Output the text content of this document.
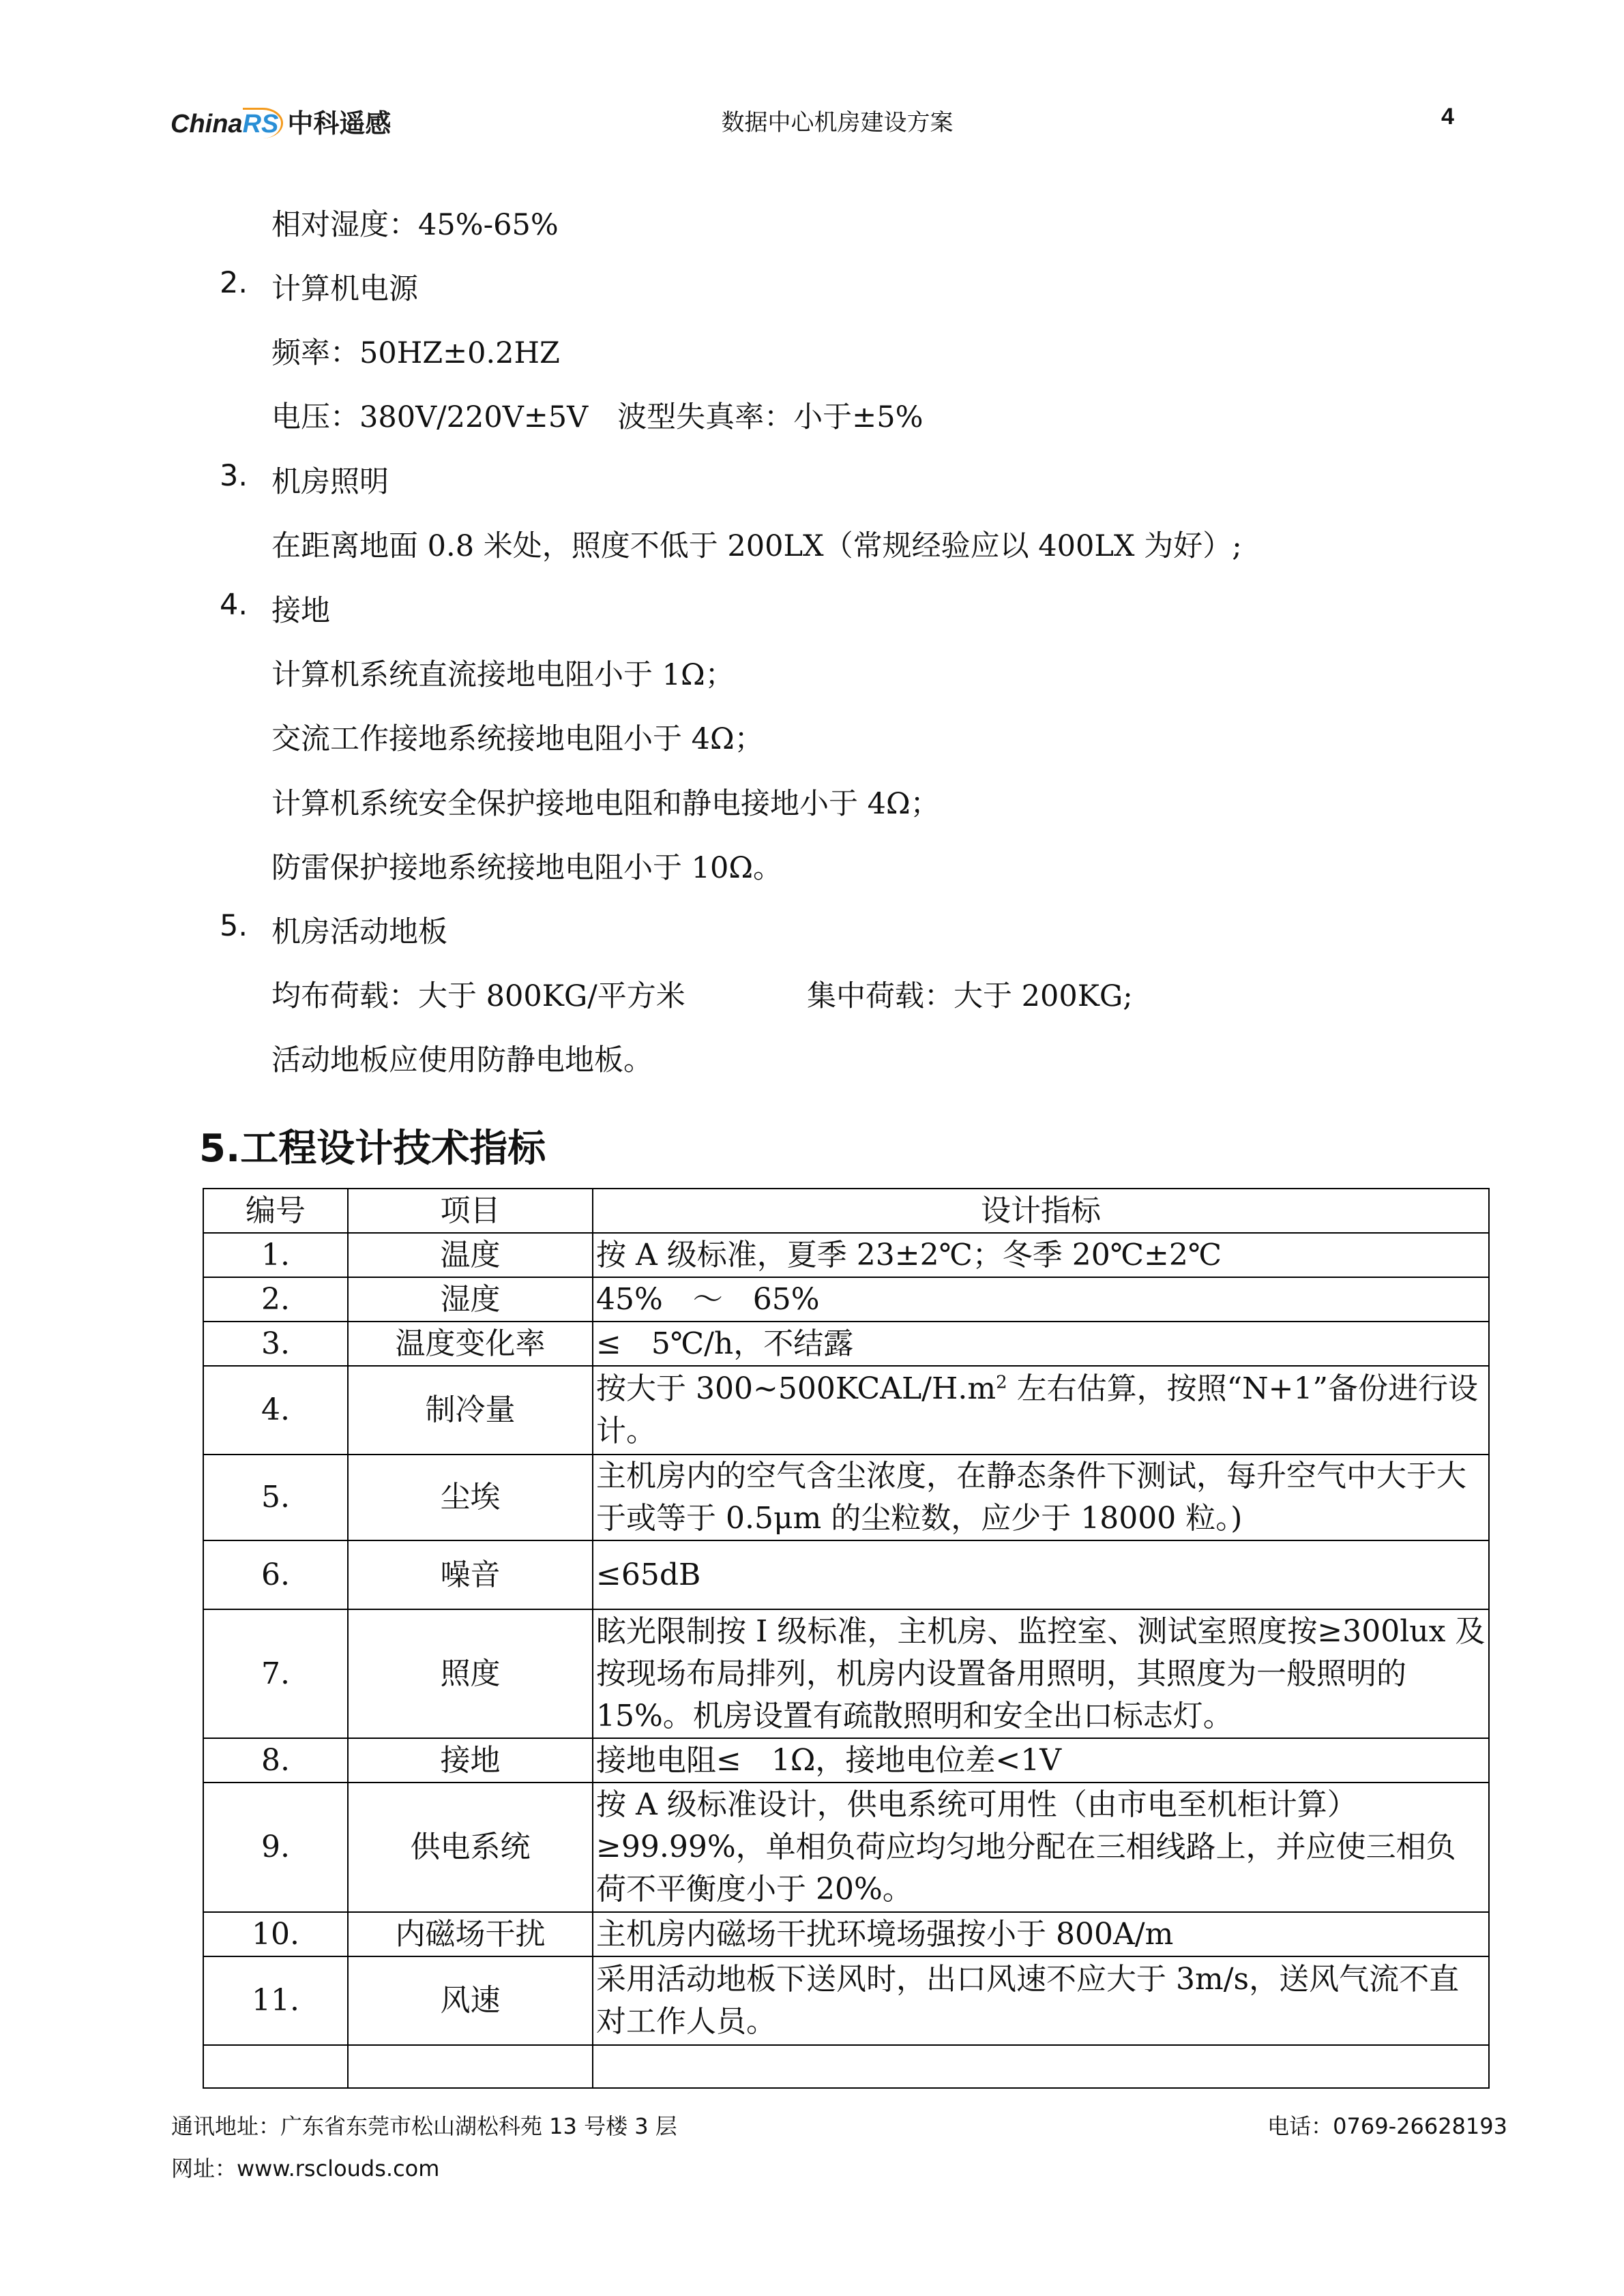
ChinaRS 中科遥感	数据中心机房建设方案	4
相对湿度：45%-65%
2. 计算机电源
频率：50HZ±0.2HZ
电压：380V/220V±5V　波型失真率：小于±5%
3. 机房照明
在距离地面 0.8 米处，照度不低于 200LX（常规经验应以 400LX 为好）;
4. 接地
计算机系统直流接地电阻小于 1Ω；
交流工作接地系统接地电阻小于 4Ω；
计算机系统安全保护接地电阻和静电接地小于 4Ω；
防雷保护接地系统接地电阻小于 10Ω。
5. 机房活动地板
均布荷载：大于 800KG/平方米	集中荷载：大于 200KG;
活动地板应使用防静电地板。
5.工程设计技术指标
编号	项目	设计指标
1.	温度	按 A 级标准，夏季 23±2℃；冬季 20℃±2℃
2.	湿度	45%　～　65%
3.	温度变化率	≤　5℃/h，不结露
4.	制冷量	按大于 $300\sim 500KCAL/H.m^2$ 左右估算，按照“N+1”备份进行设计。
5.	尘埃	主机房内的空气含尘浓度，在静态条件下测试，每升空气中大于大于或等于 0.5μm 的尘粒数，应少于 18000 粒。)
6.	噪音	≤65dB
7.	照度	眩光限制按 I 级标准，主机房、监控室、测试室照度按≥300lux 及按现场布局排列，机房内设置备用照明，其照度为一般照明的 15%。机房设置有疏散照明和安全出口标志灯。
8.	接地	接地电阻≤　1Ω，接地电位差<1V
9.	供电系统	按 A 级标准设计，供电系统可用性（由市电至机柜计算）≥99.99%，单相负荷应均匀地分配在三相线路上，并应使三相负荷不平衡度小于 20%。
10.	内磁场干扰	主机房内磁场干扰环境场强按小于 800A/m
11.	风速	采用活动地板下送风时，出口风速不应大于 3m/s，送风气流不直对工作人员。

通讯地址：广东省东莞市松山湖松科苑 13 号楼 3 层	电话：0769-26628193
网址：www.rsclouds.com
